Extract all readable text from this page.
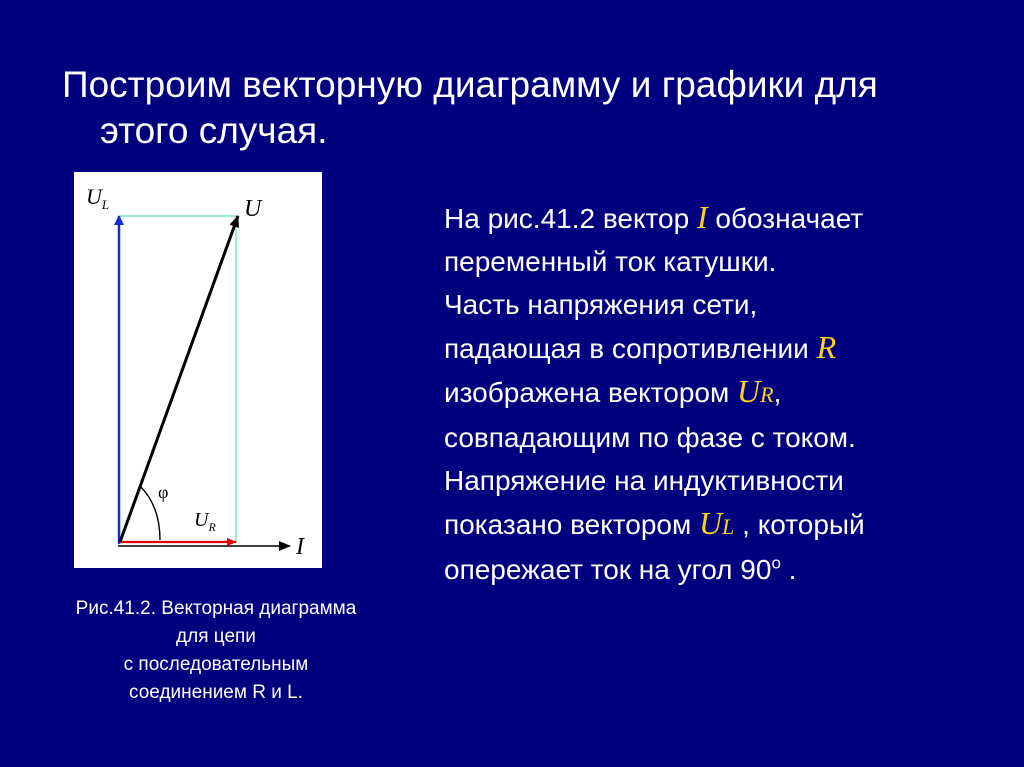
Построим векторную диаграмму и графики для
этого случая.
$U_L$	U
φ
$U_R$
I
Рис.41.2. Векторная диаграмма
для цепи
с последовательным
соединением R и L.
На рис.41.2 вектор I обозначает
переменный ток катушки.
Часть напряжения сети,
падающая в сопротивлении R
изображена вектором UR,
совпадающим по фазе с током.
Напряжение на индуктивности
показано вектором UL , который
опережает ток на угол $90^о$ .
